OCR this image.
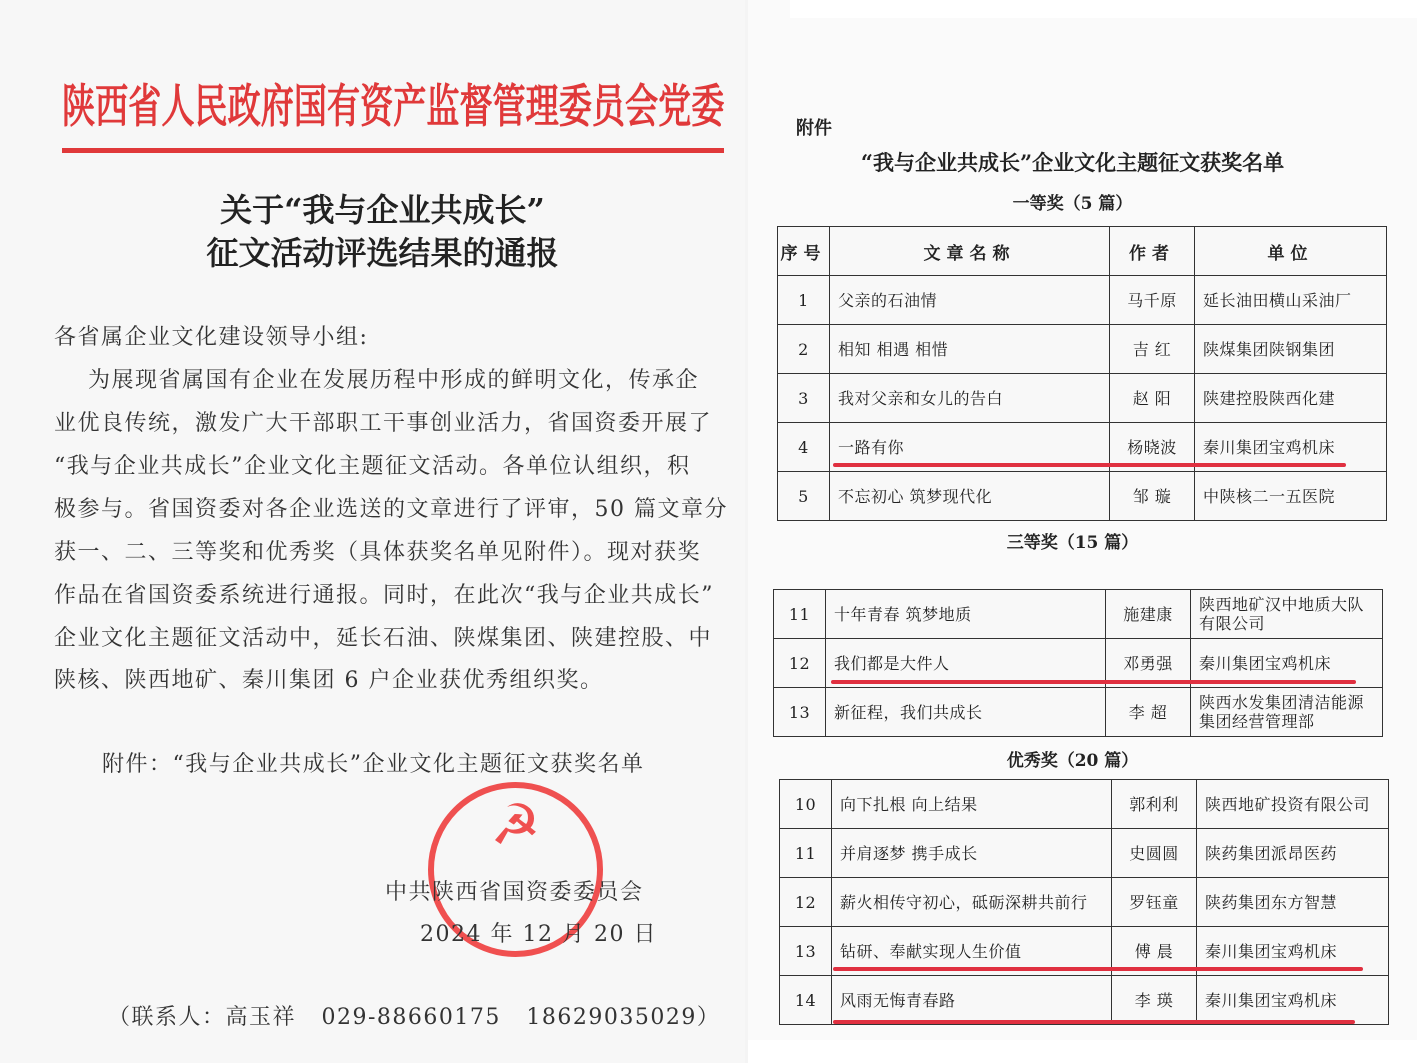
陕西省人民政府国有资产监督管理委员会党委
关于“我与企业共成长”
征文活动评选结果的通报
各省属企业文化建设领导小组:
为展现省属国有企业在发展历程中形成的鲜明文化，传承企
业优良传统，激发广大干部职工干事创业活力，省国资委开展了
“我与企业共成长”企业文化主题征文活动。各单位认组织，积
极参与。省国资委对各企业选送的文章进行了评审，50 篇文章分
获一、二、三等奖和优秀奖（具体获奖名单见附件）。现对获奖
作品在省国资委系统进行通报。同时，在此次“我与企业共成长”
企业文化主题征文活动中，延长石油、陕煤集团、陕建控股、中
陕核、陕西地矿、秦川集团 6 户企业获优秀组织奖。
附件：“我与企业共成长”企业文化主题征文获奖名单
☭
中共陕西省国资委委员会
2024 年 12 月 20 日
（联系人：高玉祥   029-88660175   18629035029）
附件
“我与企业共成长”企业文化主题征文获奖名单
一等奖（5 篇）
序号	文章名称	作者	单位
1	父亲的石油情	马千原	延长油田横山采油厂
2	相知 相遇 相惜	吉 红	陕煤集团陕钢集团
3	我对父亲和女儿的告白	赵 阳	陕建控股陕西化建
4	一路有你	杨晓波	秦川集团宝鸡机床
5	不忘初心 筑梦现代化	邹 璇	中陕核二一五医院
三等奖（15 篇）
11	十年青春 筑梦地质	施建康	陕西地矿汉中地质大队有限公司
12	我们都是大件人	邓勇强	秦川集团宝鸡机床
13	新征程，我们共成长	李 超	陕西水发集团清洁能源集团经营管理部
优秀奖（20 篇）
10	向下扎根 向上结果	郭利利	陕西地矿投资有限公司
11	并肩逐梦 携手成长	史圆圆	陕药集团派昂医药
12	薪火相传守初心，砥砺深耕共前行	罗钰童	陕药集团东方智慧
13	钻研、奉献实现人生价值	傅 晨	秦川集团宝鸡机床
14	风雨无悔青春路	李 瑛	秦川集团宝鸡机床
